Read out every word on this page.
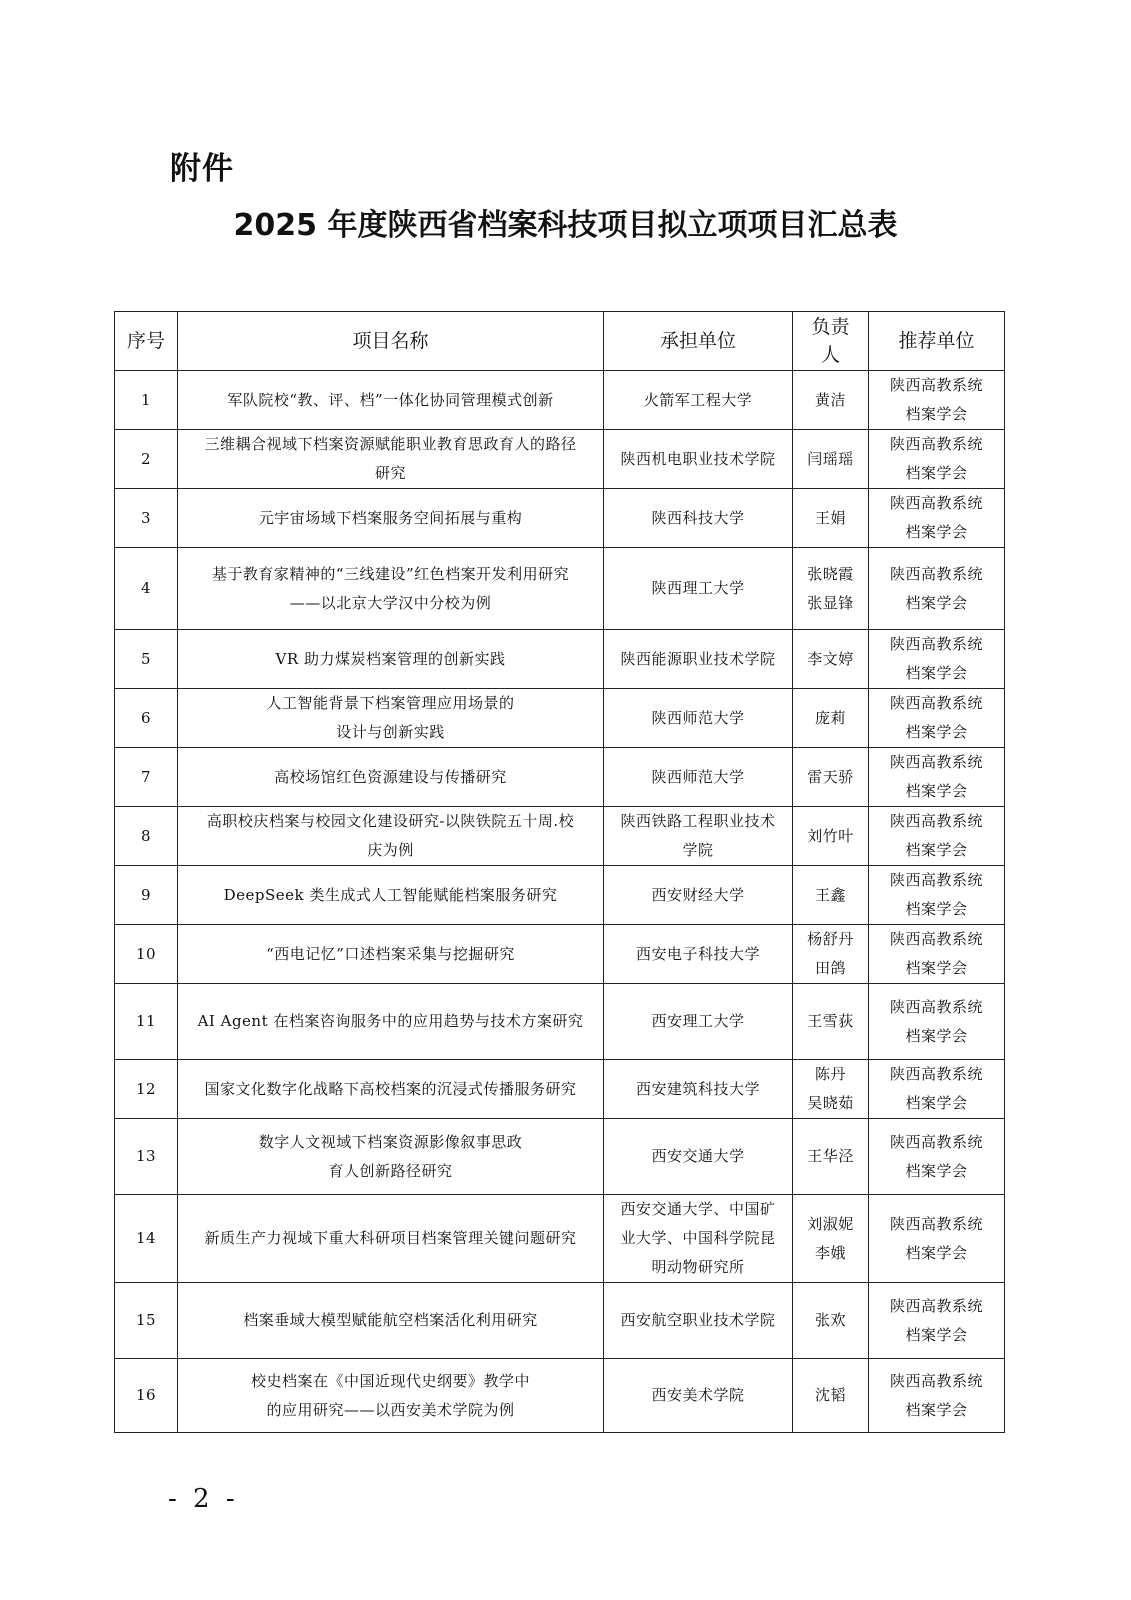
附件
2025 年度陕西省档案科技项目拟立项项目汇总表
序号	项目名称	承担单位	负责
人	推荐单位
1	军队院校“教、评、档”一体化协同管理模式创新	火箭军工程大学	黄洁	陕西高教系统
档案学会

2	三维耦合视域下档案资源赋能职业教育思政育人的路径
研究	陕西机电职业技术学院	闫瑶瑶	陕西高教系统
档案学会

3	元宇宙场域下档案服务空间拓展与重构	陕西科技大学	王娟	陕西高教系统
档案学会

4	基于教育家精神的“三线建设”红色档案开发利用研究
——以北京大学汉中分校为例	陕西理工大学	张晓霞
张显锋	陕西高教系统
档案学会

5	VR 助力煤炭档案管理的创新实践	陕西能源职业技术学院	李文婷	陕西高教系统
档案学会

6	人工智能背景下档案管理应用场景的
设计与创新实践	陕西师范大学	庞莉	陕西高教系统
档案学会

7	高校场馆红色资源建设与传播研究	陕西师范大学	雷天骄	陕西高教系统
档案学会

8	高职校庆档案与校园文化建设研究-以陕铁院五十周.校
庆为例	陕西铁路工程职业技术
学院	刘竹叶	陕西高教系统
档案学会

9	DeepSeek 类生成式人工智能赋能档案服务研究	西安财经大学	王鑫	陕西高教系统
档案学会

10	“西电记忆”口述档案采集与挖掘研究	西安电子科技大学	杨舒丹
田鸽	陕西高教系统
档案学会

11	AI Agent 在档案咨询服务中的应用趋势与技术方案研究	西安理工大学	王雪荻	陕西高教系统
档案学会

12	国家文化数字化战略下高校档案的沉浸式传播服务研究	西安建筑科技大学	陈丹
吴晓茹	陕西高教系统
档案学会

13	数字人文视域下档案资源影像叙事思政
育人创新路径研究	西安交通大学	王华泾	陕西高教系统
档案学会

14	新质生产力视域下重大科研项目档案管理关键问题研究	西安交通大学、中国矿
业大学、中国科学院昆
明动物研究所	刘淑妮
李娥	陕西高教系统
档案学会

15	档案垂域大模型赋能航空档案活化利用研究	西安航空职业技术学院	张欢	陕西高教系统
档案学会

16	校史档案在《中国近现代史纲要》教学中
的应用研究——以西安美术学院为例	西安美术学院	沈韬	陕西高教系统
档案学会
- 2 -
